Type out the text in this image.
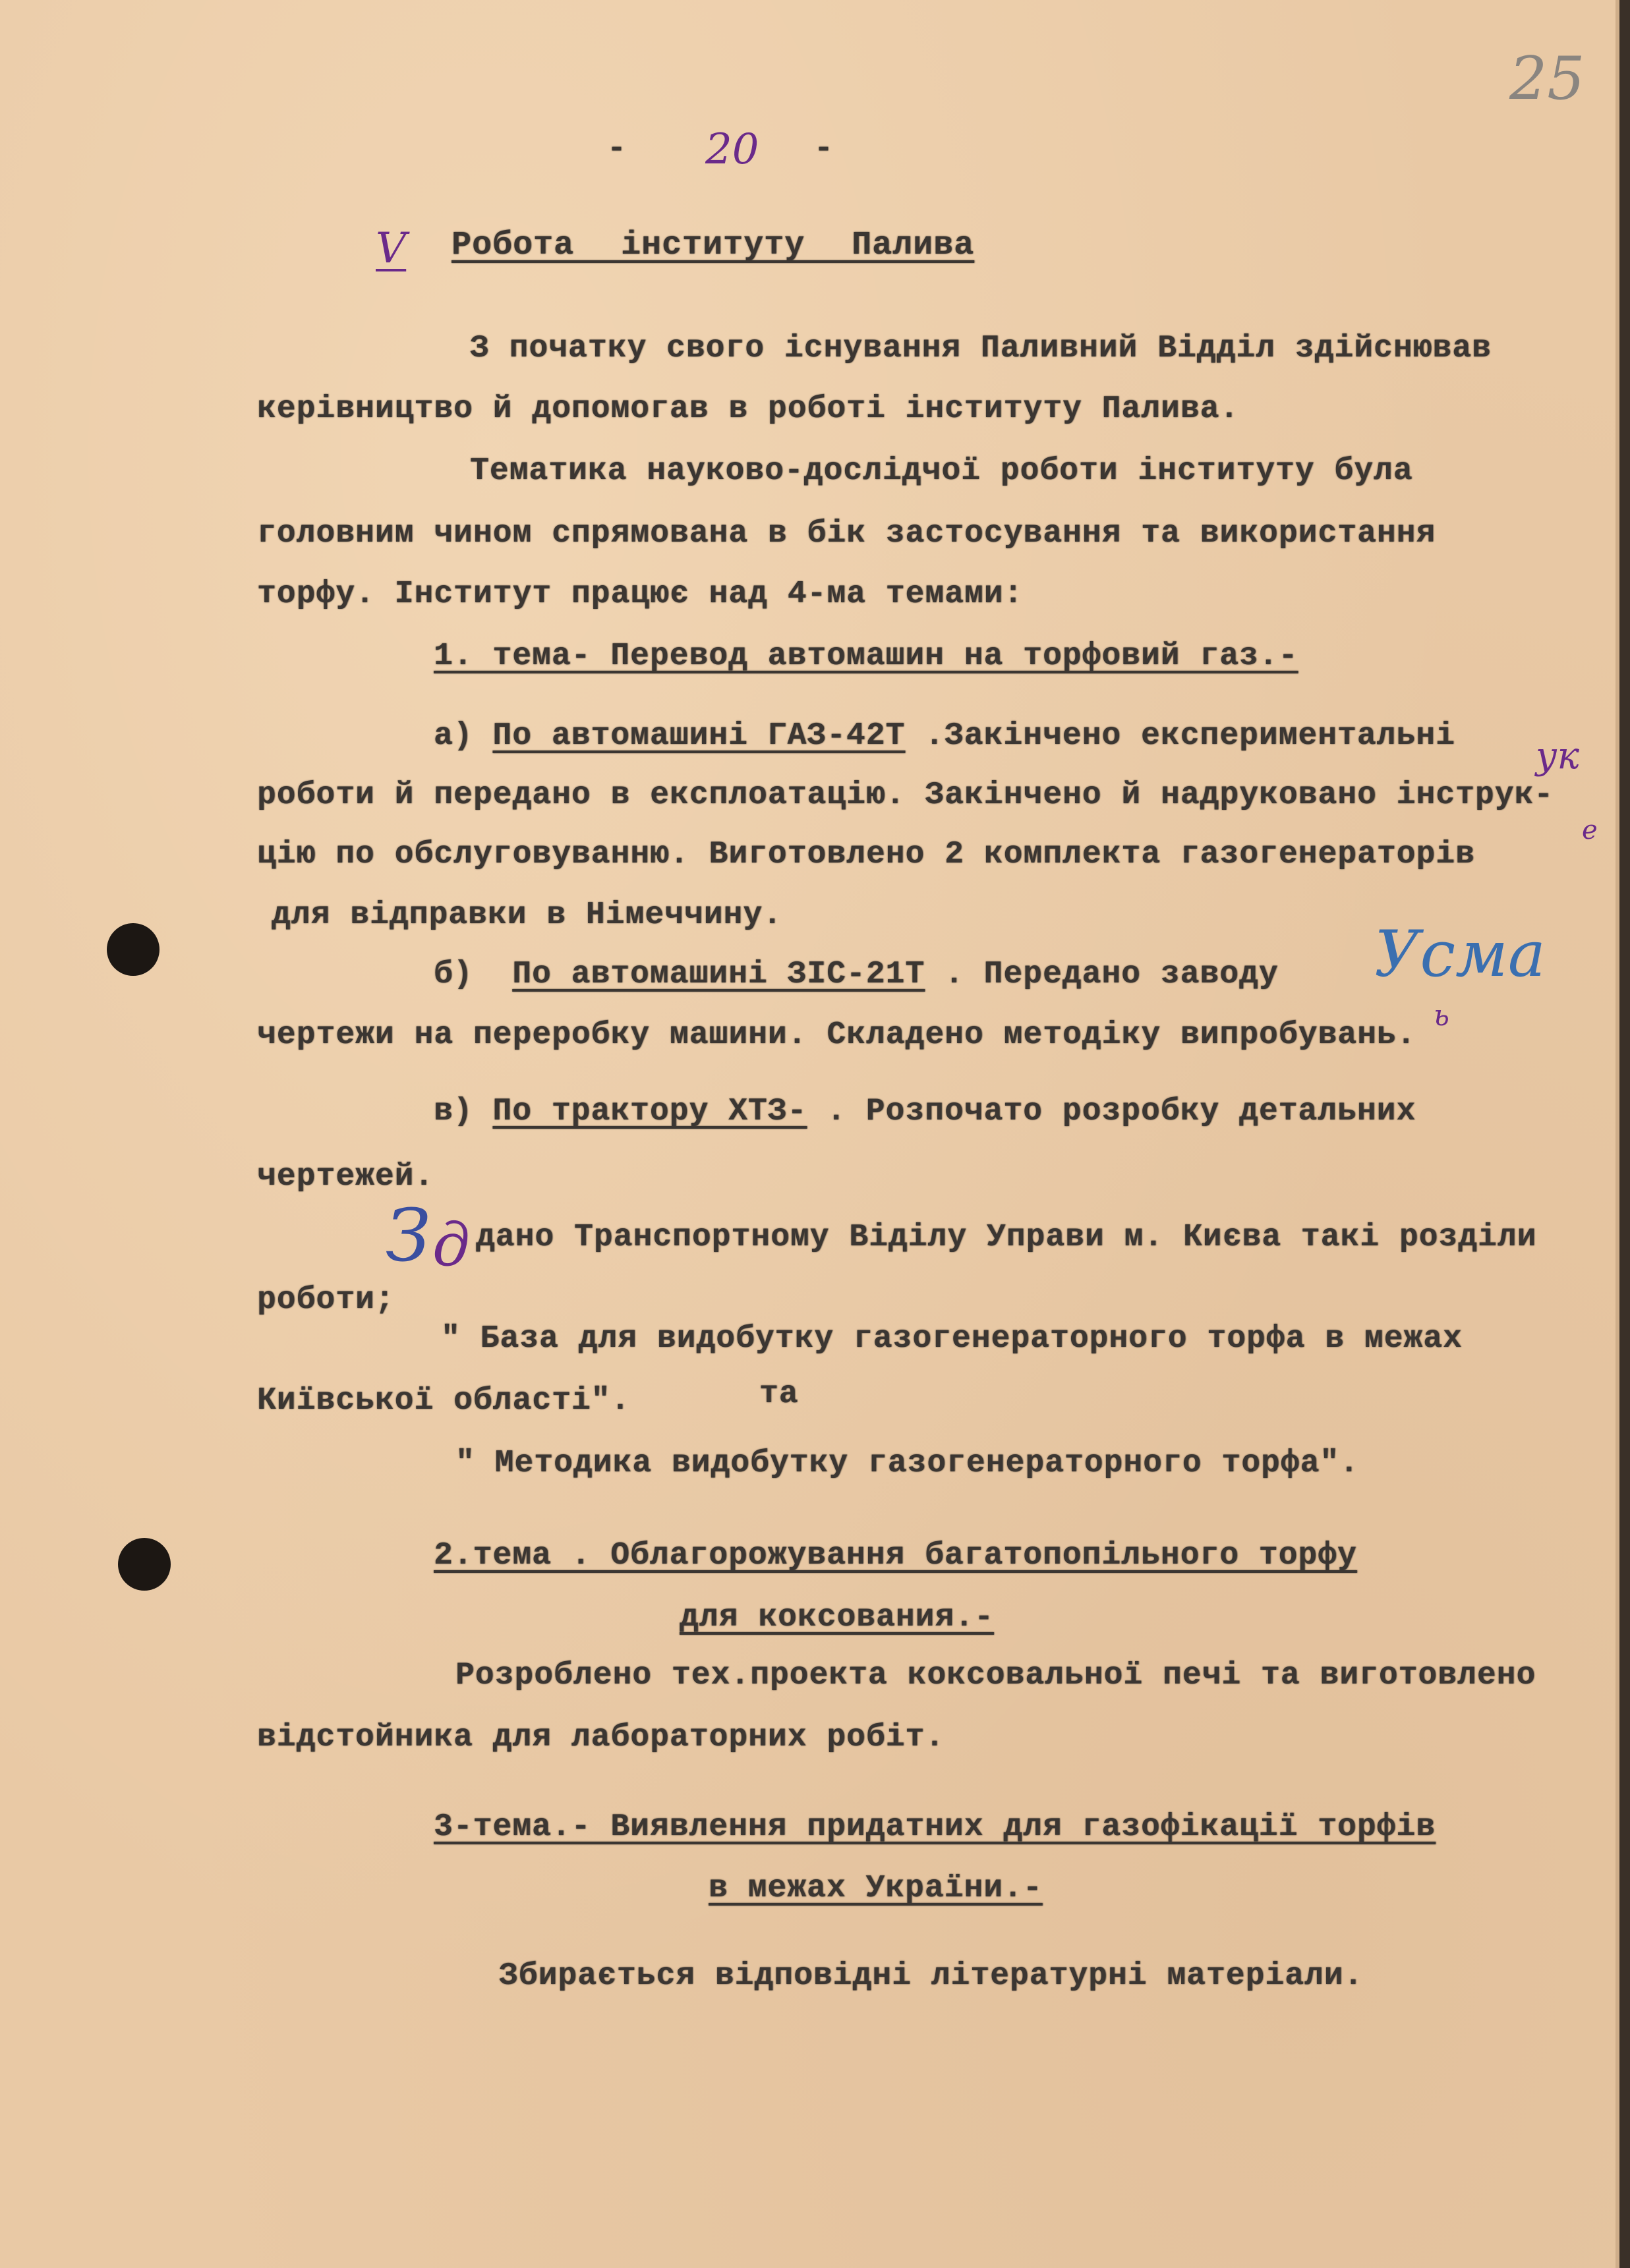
25
- 20 -
V Робота інституту Палива
З початку свого існування Паливний Відділ здійснював
керівництво й допомогав в роботі інституту Палива.
Тематика науково-дослідчої роботи інституту була
головним чином спрямована в бік застосування та використання
торфу. Інститут працює над 4-ма темами:
1. тема- Перевод автомашин на торфовий газ.-
а) По автомашині ГАЗ-42Т .Закінчено експериментальні ук
роботи й передано в експлоатацію. Закінчено й надруковано інструк-
е
цію по обслуговуванню. Виготовлено 2 комплекта газогенераторів
для відправки в Німеччину.
б) По автомашині ЗІС-21Т . Передано заводу Усма
чертежи на переробку машини. Складено методіку випробувань.
ь
в) По трактору ХТЗ- . Розпочато розробку детальних
чертежей.
З д дано Транспортному Віділу Управи м. Києва такі розділи
роботи;
" База для видобутку газогенераторного торфа в межах
Київської області".	та
" Методика видобутку газогенераторного торфа".
2.тема . Облагорожування багатопопільного торфу
для коксования.-
Розроблено тех.проекта коксовальної печі та виготовлено
відстойника для лабораторних робіт.
3-тема.- Виявлення придатних для газофікації торфів
в межах України.-
Збирається відповідні літературні матеріали.
